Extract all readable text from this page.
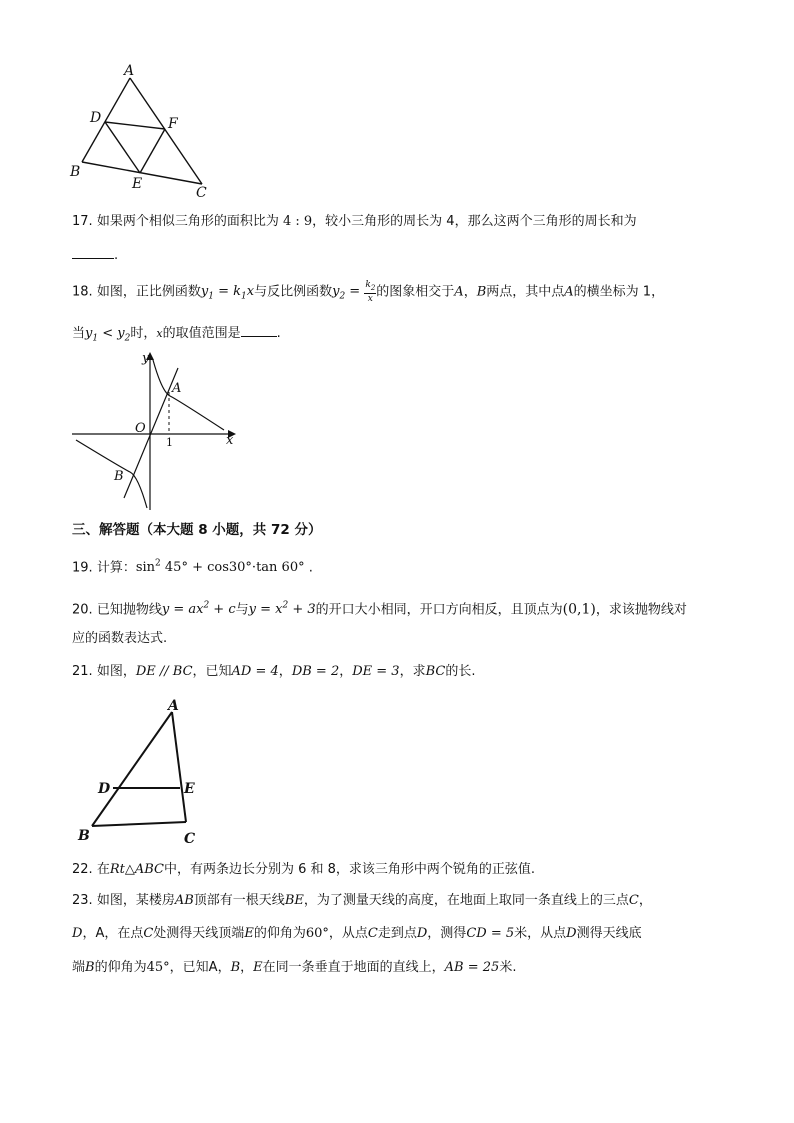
A
D	F
B
E
C
17. 如果两个相似三角形的面积比为 4 : 9，较小三角形的周长为 4，那么这两个三角形的周长和为
.
18. 如图，正比例函数$y_1 = k_1x$与反比例函数$y_2 = \frac{k_2}{x}$ 的图象相交于A，B两点，其中点A的横坐标为 1，
当$y_1 < y_2$时，x的取值范围是	.
y
A
O
1	x
B
三、解答题（本大题 8 小题，共 72 分）
19. 计算：$\sin^2 45^\circ + \cos 30^\circ\cdot\tan$ 60° .
20. 已知抛物线$y = ax^2 + c$与$y = x^2 + 3$的开口大小相同，开口方向相反，且顶点为(0,1)，求该抛物线对
应的函数表达式.
21. 如图，DE // BC，已知AD = 4，DB = 2，DE = 3，求BC的长.
A
D	E
B	C
22. 在Rt△ABC中，有两条边长分别为 6 和 8，求该三角形中两个锐角的正弦值.
23. 如图，某楼房AB顶部有一根天线BE，为了测量天线的高度，在地面上取同一条直线上的三点C，
D，A，在点C处测得天线顶端E的仰角为60°，从点C走到点D，测得CD = 5米，从点D测得天线底
端B的仰角为45°，已知A，B，E在同一条垂直于地面的直线上，AB = 25米.
